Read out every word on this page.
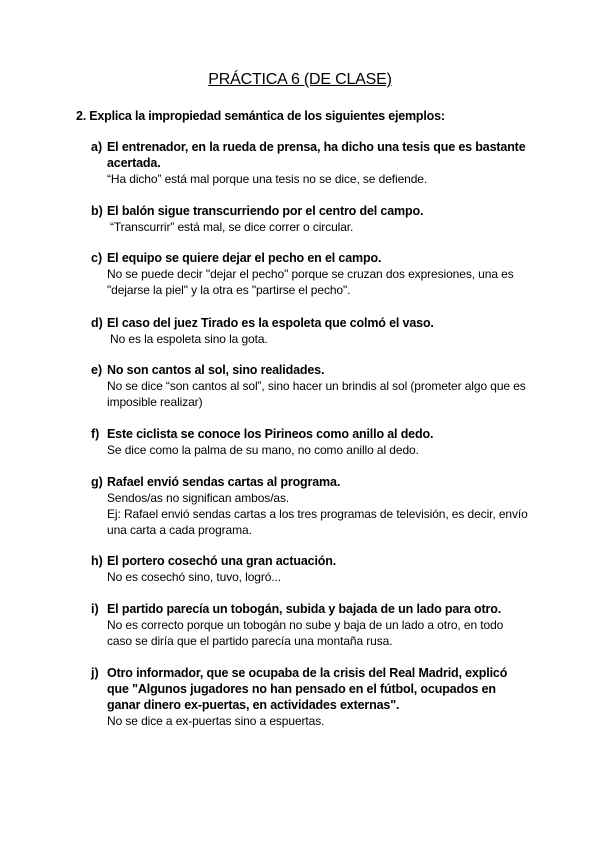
PRÁCTICA 6 (DE CLASE)
2. Explica la impropiedad semántica de los siguientes ejemplos:
a) El entrenador, en la rueda de prensa, ha dicho una tesis que es bastante acertada.
“Ha dicho” está mal porque una tesis no se dice, se defiende.
b) El balón sigue transcurriendo por el centro del campo.
“Transcurrir” está mal, se dice correr o circular.
c) El equipo se quiere dejar el pecho en el campo.
No se puede decir "dejar el pecho" porque se cruzan dos expresiones, una es "dejarse la piel" y la otra es "partirse el pecho".
d) El caso del juez Tirado es la espoleta que colmó el vaso.
No es la espoleta sino la gota.
e) No son cantos al sol, sino realidades.
No se dice “son cantos al sol”, sino hacer un brindis al sol (prometer algo que es imposible realizar)
f) Este ciclista se conoce los Pirineos como anillo al dedo.
Se dice como la palma de su mano, no como anillo al dedo.
g) Rafael envió sendas cartas al programa.
Sendos/as no significan ambos/as.
Ej: Rafael envió sendas cartas a los tres programas de televisión, es decir, envío una carta a cada programa.
h) El portero cosechó una gran actuación.
No es cosechó sino, tuvo, logró...
i) El partido parecía un tobogán, subida y bajada de un lado para otro.
No es correcto porque un tobogán no sube y baja de un lado a otro, en todo caso se diría que el partido parecía una montaña rusa.
j) Otro informador, que se ocupaba de la crisis del Real Madrid, explicó que "Algunos jugadores no han pensado en el fútbol, ocupados en ganar dinero ex-puertas, en actividades externas".
No se dice a ex-puertas sino a espuertas.
